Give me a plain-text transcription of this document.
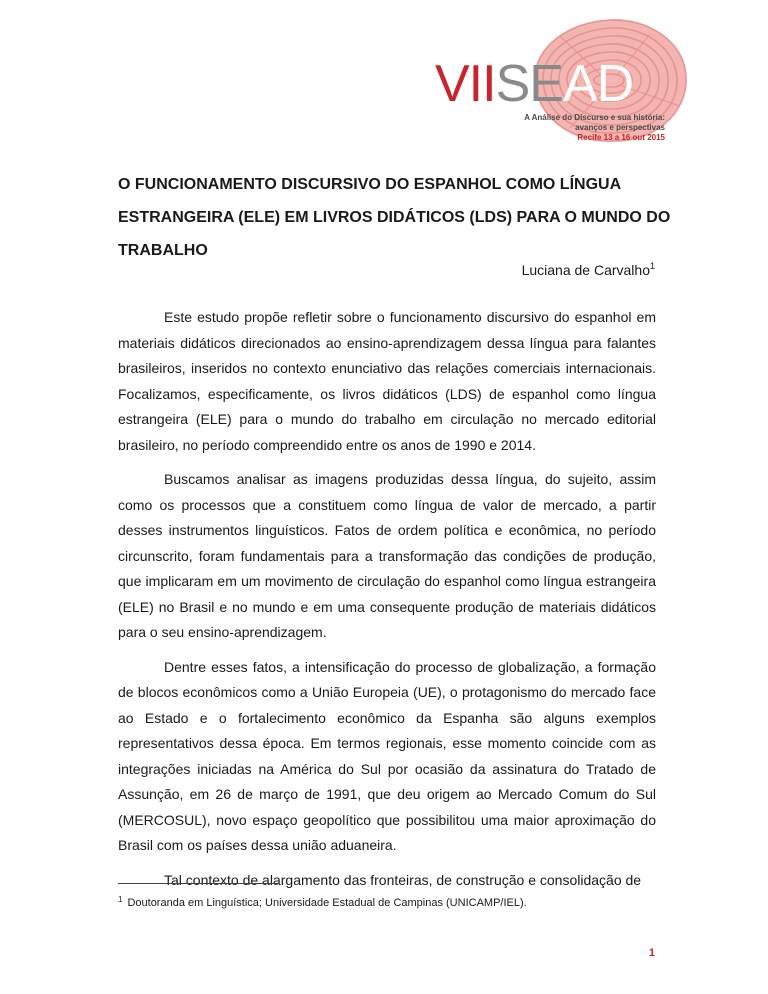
VIISEAD
A Análise do Discurso e sua história:
avanços e perspectivas
Recife 13 a 16 out 2015
O FUNCIONAMENTO DISCURSIVO DO ESPANHOL COMO LÍNGUA ESTRANGEIRA (ELE) EM LIVROS DIDÁTICOS (LDS) PARA O MUNDO DO TRABALHO
Luciana de Carvalho$^1$

Este estudo propõe refletir sobre o funcionamento discursivo do espanhol em materiais didáticos direcionados ao ensino-aprendizagem dessa língua para falantes brasileiros, inseridos no contexto enunciativo das relações comerciais internacionais. Focalizamos, especificamente, os livros didáticos (LDS) de espanhol como língua estrangeira (ELE) para o mundo do trabalho em circulação no mercado editorial brasileiro, no período compreendido entre os anos de 1990 e 2014.

Buscamos analisar as imagens produzidas dessa língua, do sujeito, assim como os processos que a constituem como língua de valor de mercado, a partir desses instrumentos linguísticos. Fatos de ordem política e econômica, no período circunscrito, foram fundamentais para a transformação das condições de produção, que implicaram em um movimento de circulação do espanhol como língua estrangeira (ELE) no Brasil e no mundo e em uma consequente produção de materiais didáticos para o seu ensino-aprendizagem.

Dentre esses fatos, a intensificação do processo de globalização, a formação de blocos econômicos como a União Europeia (UE), o protagonismo do mercado face ao Estado e o fortalecimento econômico da Espanha são alguns exemplos representativos dessa época. Em termos regionais, esse momento coincide com as integrações iniciadas na América do Sul por ocasião da assinatura do Tratado de Assunção, em 26 de março de 1991, que deu origem ao Mercado Comum do Sul (MERCOSUL), novo espaço geopolítico que possibilitou uma maior aproximação do Brasil com os países dessa união aduaneira.

Tal contexto de alargamento das fronteiras, de construção e consolidação de

$^1$ Doutoranda em Linguística; Universidade Estadual de Campinas (UNICAMP/IEL).
1
